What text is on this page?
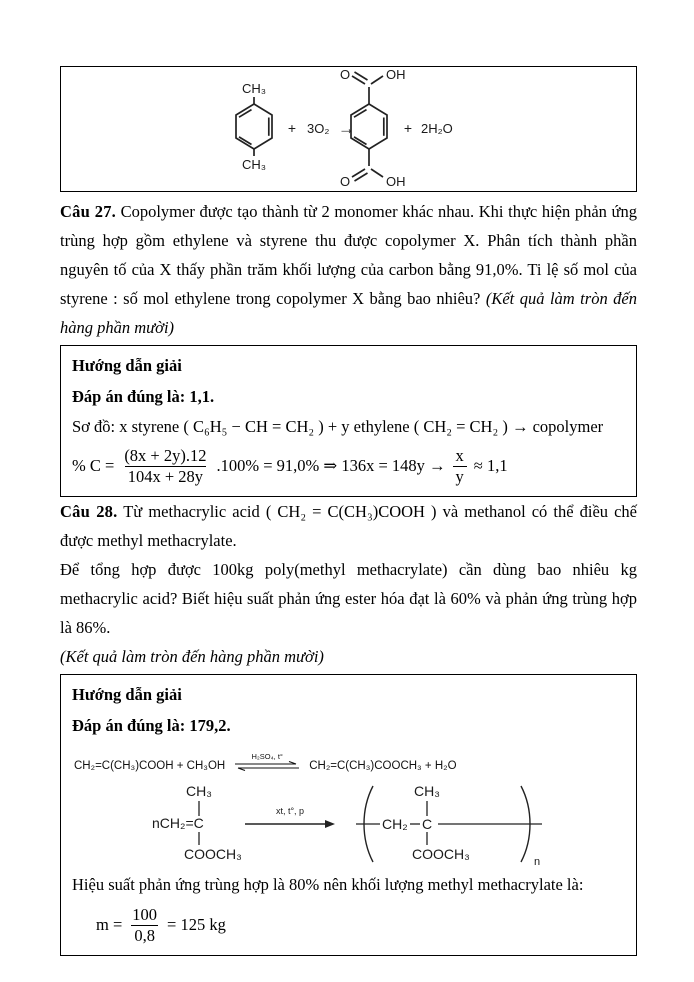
CH₃
CH₃
+ 3O₂ →
O	OH
O	OH
+ 2H₂O

Câu 27. Copolymer được tạo thành từ 2 monomer khác nhau. Khi thực hiện phản ứng trùng hợp gồm ethylene và styrene thu được copolymer X. Phân tích thành phần nguyên tố của X thấy phần trăm khối lượng của carbon bằng 91,0%. Ti lệ số mol của styrene : số mol ethylene trong copolymer X bằng bao nhiêu? (Kết quả làm tròn đến hàng phần mười)

Hướng dẫn giải
Đáp án đúng là: 1,1.
Sơ đồ: x styrene ( C₆H₅ − CH = CH₂ ) + y ethylene ( CH₂ = CH₂ ) → copolymer
% $C = \frac{(8x + 2y).12}{104x + 28y} .100\% = 91,0\%$ ⇒ $136x = 148y \to \frac{x}{y} \approx 1,1$

Câu 28. Từ methacrylic acid ( CH₂ = C(CH₃)COOH ) và methanol có thể điều chế được methyl methacrylate.

Để tổng hợp được 100kg poly(methyl methacrylate) cần dùng bao nhiêu kg methacrylic acid? Biết hiệu suất phản ứng ester hóa đạt là 60% và phản ứng trùng hợp là 86%.

(Kết quả làm tròn đến hàng phần mười)

Hướng dẫn giải
Đáp án đúng là: 179,2.
CH₂=C(CH₃)COOH + CH₃OH
H₂SO₄, t°
CH₂=C(CH₃)COOCH₃ + H₂O
nCH₂=C
CH₃
COOCH₃
xt, t°, p
CH₂ C
CH₃
COOCH₃	n
Hiệu suất phản ứng trùng hợp là 80% nên khối lượng methyl methacrylate là:
$m = \frac{100}{0,8} = 125$ kg
